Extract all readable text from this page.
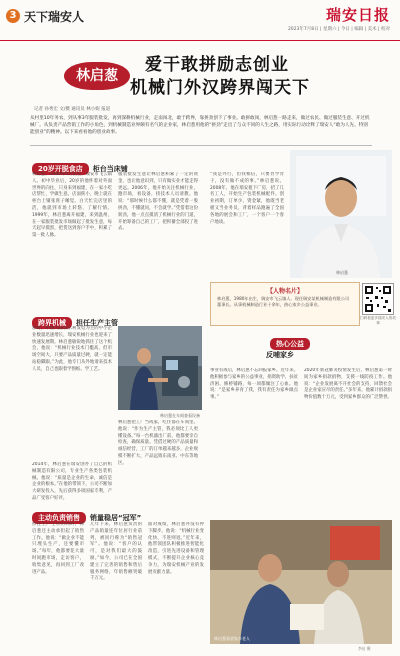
3 天下瑞安人	瑞安日报
2023年7月8日 | 星期六 | 今日 | 编辑 | 美术 | 校对
林启葱
爱干敢拼励志创业
机械门外汉跨界闯天下
记者 孙秀宏 文/摄 通讯员 林小妮 报道
从村里10年务农，到从事3年服装批发，再到深耕机械行业，走南闯北，敢于跨界，靠拼劲创下了事业。敢拼敢闯，林启葱一路走来，做过农民、做过服装生意、开过机械厂。从负责产品营销工作的小角色，到机械制造业界颇有名气的企业家，林启葱用他的“拼劲”走出了与众不同的人生之路，用实际行动诠释了瑞安人“敢为人先、特别能创业”的精神。以下来看看他的创业故事。
20岁开脱食店 柜台当床铺
林启葱，1980年6月出生，瑞安市飞云镇人。初中毕业后，20岁的他怀着对外面世界的向往，只身来到福建，在一家小吃店帮忙，学做生意。店面狭小，晚上就在柜台上铺张席子睡觉。白天忙完店里的活，他就到市场上转悠，了解行情。1999年，林启葱离开福建，来到温州，在一家服装批发市场做起了批发生意，每天起早摸黑，把货送到客户手中，积累了第一批人脉。
服装批发生意让林启葱积累了一定的资金，也让他意识到，只有做实业才能走得更远。2006年，他开始关注机械行业，跑市场，看设备，找技术人员请教。他说：“那时候什么都不懂，就是凭着一股拼劲，不懂就问，不会就学。”凭借着这份韧劲，他一点点摸清了机械行业的门道，开始筹备自己的工厂，把积蓄全部投了进去。
“我是外行，但我相信，只要肯学肯干，没有做不成的事。”林启葱说。2008年，他在瑞安租下厂房，招了几名工人，开始生产包装机械配件。创业初期，订单少、资金紧，他既当老板又当业务员，背着样品跑遍了全国各地的展会和工厂，一个客户一个客户地谈。
林启葱
【人物名片】
林启葱，1980年出生，瑞安市飞云镇人。现任瑞安某机械制造有限公司董事长。从事机械制造行业十余年，热心家乡公益事业。
扫码看更多瑞安人的故事
跨界机械 担任生产主管
那时，中国大陆以水利发电为主的中小企业数量迅速增长，瑞安机械行业也迎来了快速发展期。林启葱敏锐地抓住了这个机会，他说：“机械行业技术门槛高，但市场空间大，只要产品质量过硬，就一定能站稳脚跟。”为此，他专门从外地请来技术人员，自己也跟着学图纸、学工艺。
林启葱把工厂当成家，吃住都在车间里。他说：“作为生产主管，我必须比工人更懂设备。”每一台机器出厂前，他都要亲自检查，确保质量。凭借过硬的产品质量和诚信经营，工厂的订单越来越多，企业规模不断扩大，产品远销东南亚、中东等地区。
2014年，林启葱在瑞安创办了自己的机械制造有限公司，专业生产各类包装机械。他说：“质量是企业的生命，诚信是企业的根本。”在他的带领下，公司不断加大研发投入，先后获得多项国家专利，产品广受客户好评。
林启葱在车间查看设备
热心公益
反哺家乡
事业有成后，林启葱不忘回报家乡。近年来，他积极参与家乡的公益事业，捐资助学、扶贫济困、修桥铺路，每一项都倾注了心血。他说：“是家乡养育了我，我有责任为家乡做点事。”
2020年新冠肺炎疫情发生后，林启葱第一时间为家乡捐款捐物，支援一线防疫工作。他说：“企业发展离不开社会的支持，回馈社会是企业家应尽的责任。”多年来，他累计捐款捐物价值数十万元，受到家乡群众的广泛赞誉。
主动负责销售 销量稳居“冠军”
担任生产主管的同时，林启葱还主动承担起了销售工作。他说：“做企业不能只埋头生产，还要懂市场。”每年，他都要花大量时间跑市场，走访客户，收集意见，再回到工厂改进产品。
几年下来，林启葱负责的产品销量连年位居行业前列，被同行称为“销售冠军”。他说：“客户的认可，是对我们最大的鼓励。”如今，公司已在全国建立了完善的销售和售后服务网络，年销售额突破千万元。
面对成绩，林启葱并没有停下脚步。他说：“机械行业变化快，不进则退。”近年来，他带领团队积极推进智能化改造，引进先进设备和管理模式，不断提升企业核心竞争力，为瑞安机械产业的发展贡献力量。
林启葱看望家乡老人
李启 摄
